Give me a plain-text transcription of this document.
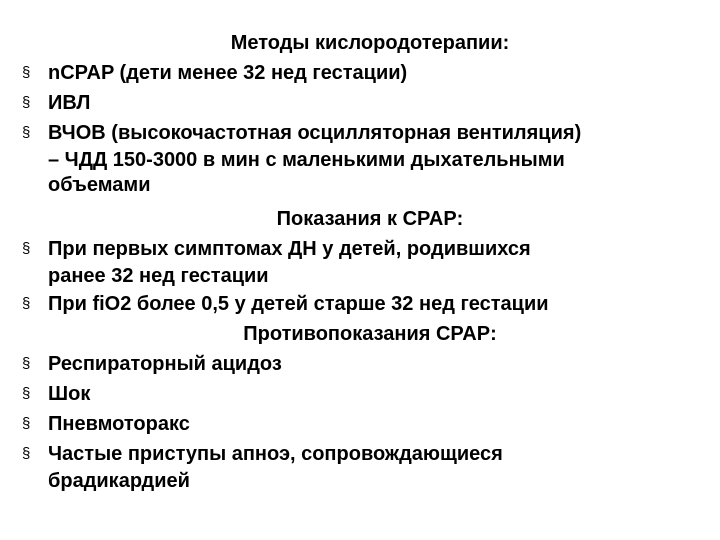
Методы кислородотерапии:
§ nCPAP (дети менее 32 нед гестации)
§ ИВЛ
§ ВЧОВ (высокочастотная осцилляторная вентиляция)
– ЧДД 150-3000 в мин с маленькими дыхательными
объемами
Показания к CPAP:
§ При первых симптомах ДН у детей, родившихся
ранее 32 нед гестации
§ При fiO2 более 0,5 у детей старше 32 нед гестации
Противопоказания CPAP:
§ Респираторный ацидоз
§ Шок
§ Пневмоторакс
§ Частые приступы апноэ, сопровождающиеся
брадикардией
